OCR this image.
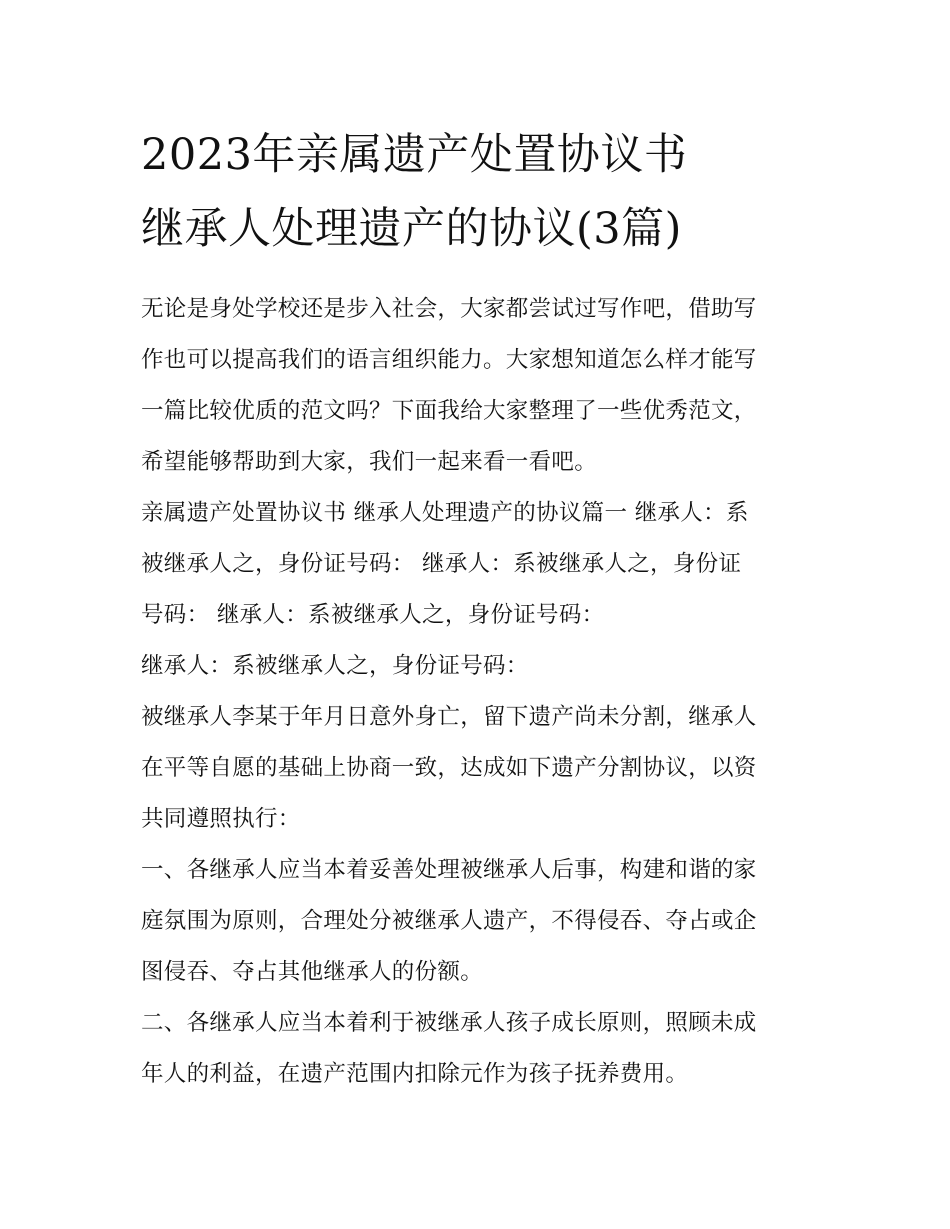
2023年亲属遗产处置协议书
继承人处理遗产的协议(3篇)

无论是身处学校还是步入社会，大家都尝试过写作吧，借助写
作也可以提高我们的语言组织能力。大家想知道怎么样才能写
一篇比较优质的范文吗？下面我给大家整理了一些优秀范文，
希望能够帮助到大家，我们一起来看一看吧。

亲属遗产处置协议书 继承人处理遗产的协议篇一 继承人：系
被继承人之，身份证号码： 继承人：系被继承人之，身份证
号码： 继承人：系被继承人之，身份证号码：

继承人：系被继承人之，身份证号码：

被继承人李某于年月日意外身亡，留下遗产尚未分割，继承人
在平等自愿的基础上协商一致，达成如下遗产分割协议，以资
共同遵照执行：

一、各继承人应当本着妥善处理被继承人后事，构建和谐的家
庭氛围为原则，合理处分被继承人遗产，不得侵吞、夺占或企
图侵吞、夺占其他继承人的份额。

二、各继承人应当本着利于被继承人孩子成长原则，照顾未成
年人的利益，在遗产范围内扣除元作为孩子抚养费用。
